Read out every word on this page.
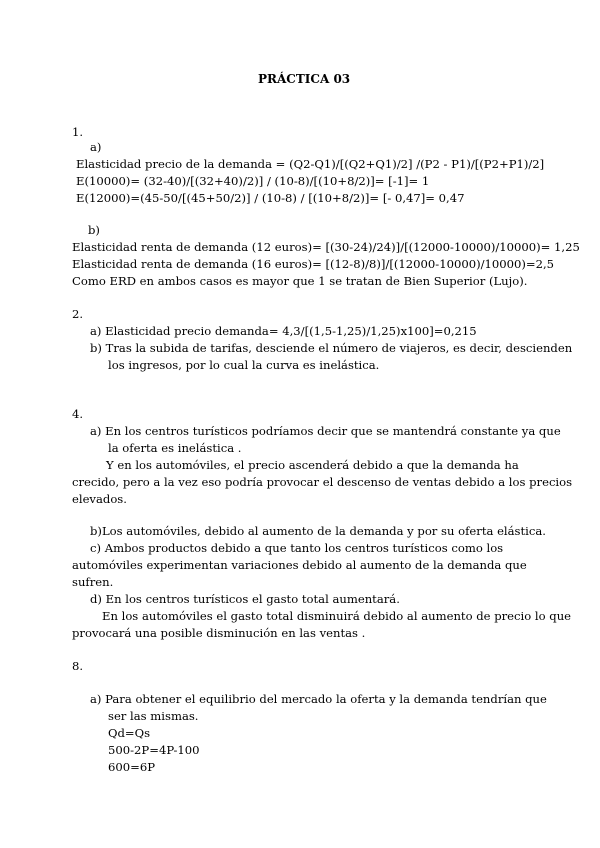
PRÁCTICA 03
1.
a)
Elasticidad precio de la demanda = (Q2-Q1)/[(Q2+Q1)/2] /(P2 - P1)/[(P2+P1)/2]
E(10000)= (32-40)/[(32+40)/2)] / (10-8)/[(10+8/2)]= [-1]= 1
E(12000)=(45-50/[(45+50/2)] / (10-8) / [(10+8/2)]= [- 0,47]= 0,47
b)
Elasticidad renta de demanda (12 euros)= [(30-24)/24)]/[(12000-10000)/10000)= 1,25
Elasticidad renta de demanda (16 euros)= [(12-8)/8)]/[(12000-10000)/10000)=2,5
Como ERD en ambos casos es mayor que 1 se tratan de Bien Superior (Lujo).
2.
a) Elasticidad precio demanda= 4,3/[(1,5-1,25)/1,25)x100]=0,215
b) Tras la subida de tarifas, desciende el número de viajeros, es decir, descienden
los ingresos, por lo cual la curva es inelástica.
4.
a) En los centros turísticos podríamos decir que se mantendrá constante ya que
la oferta es inelástica .
Y en los automóviles, el precio ascenderá debido a que la demanda ha
crecido, pero a la vez eso podría provocar el descenso de ventas debido a los precios
elevados.
b)Los automóviles, debido al aumento de la demanda y por su oferta elástica.
c) Ambos productos debido a que tanto los centros turísticos como los
automóviles experimentan variaciones debido al aumento de la demanda que
sufren.
d) En los centros turísticos el gasto total aumentará.
En los automóviles el gasto total disminuirá debido al aumento de precio lo que
provocará una posible disminución en las ventas .
8.
a) Para obtener el equilibrio del mercado la oferta y la demanda tendrían que
ser las mismas.
Qd=Qs
500-2P=4P-100
600=6P
